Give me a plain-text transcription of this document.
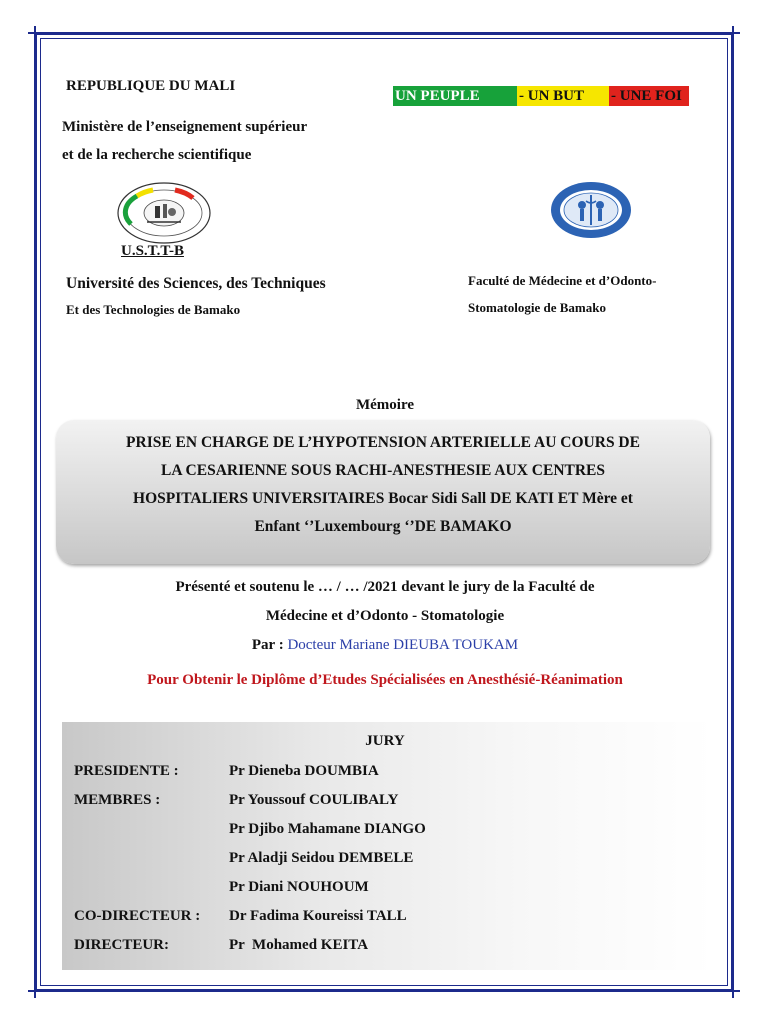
REPUBLIQUE DU MALI
UN PEUPLE	- UN BUT	- UNE FOI
Ministère de l’enseignement supérieur
et de la recherche scientifique
U.S.T.T-B
Université des Sciences, des Techniques
Et des Technologies de Bamako
Faculté de Médecine et d’Odonto-
Stomatologie de Bamako
Mémoire
PRISE EN CHARGE DE L’HYPOTENSION ARTERIELLE AU COURS DE
LA CESARIENNE SOUS RACHI-ANESTHESIE AUX CENTRES
HOSPITALIERS UNIVERSITAIRES Bocar Sidi Sall DE KATI ET Mère et
Enfant ‘’Luxembourg ‘’DE BAMAKO
Présenté et soutenu le … / … /2021 devant le jury de la Faculté de
Médecine et d’Odonto - Stomatologie
Par : Docteur Mariane DIEUBA TOUKAM
Pour Obtenir le Diplôme d’Etudes Spécialisées en Anesthésié-Réanimation
JURY
PRESIDENTE :	Pr Dieneba DOUMBIA
MEMBRES :	Pr Youssouf COULIBALY
Pr Djibo Mahamane DIANGO
Pr Aladji Seidou DEMBELE
Pr Diani NOUHOUM
CO-DIRECTEUR : Dr Fadima Koureissi TALL
DIRECTEUR:	Pr  Mohamed KEITA
